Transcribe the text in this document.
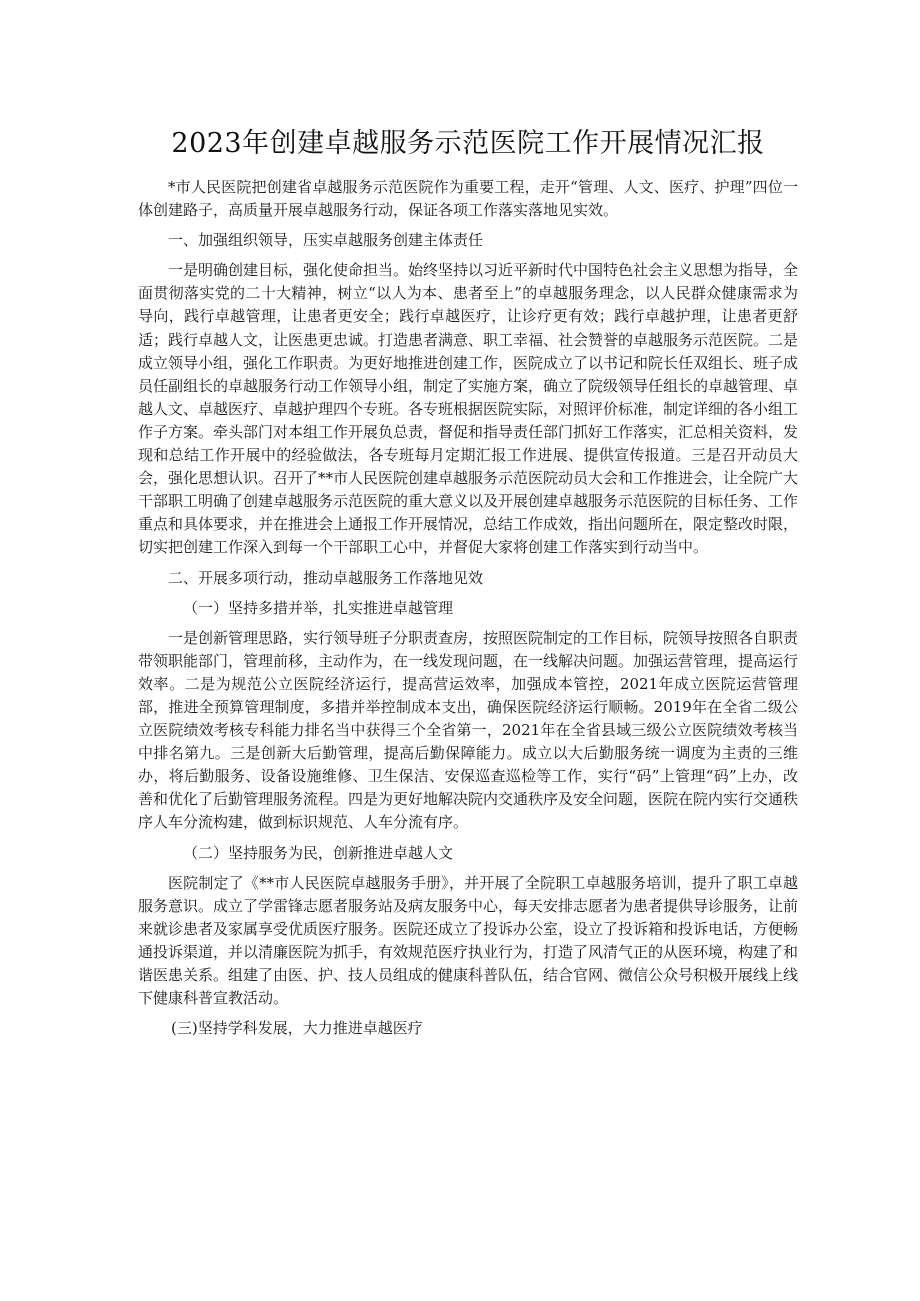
2023年创建卓越服务示范医院工作开展情况汇报

*市人民医院把创建省卓越服务示范医院作为重要工程，走开“管理、人文、医疗、护理”四位一体创建路子，高质量开展卓越服务行动，保证各项工作落实落地见实效。

一、加强组织领导，压实卓越服务创建主体责任

一是明确创建目标，强化使命担当。始终坚持以习近平新时代中国特色社会主义思想为指导，全面贯彻落实党的二十大精神，树立“以人为本、患者至上”的卓越服务理念，以人民群众健康需求为导向，践行卓越管理，让患者更安全；践行卓越医疗，让诊疗更有效；践行卓越护理，让患者更舒适；践行卓越人文，让医患更忠诚。打造患者满意、职工幸福、社会赞誉的卓越服务示范医院。二是成立领导小组，强化工作职责。为更好地推进创建工作，医院成立了以书记和院长任双组长、班子成员任副组长的卓越服务行动工作领导小组，制定了实施方案，确立了院级领导任组长的卓越管理、卓越人文、卓越医疗、卓越护理四个专班。各专班根据医院实际，对照评价标准，制定详细的各小组工作子方案。牵头部门对本组工作开展负总责，督促和指导责任部门抓好工作落实，汇总相关资料，发现和总结工作开展中的经验做法，各专班每月定期汇报工作进展、提供宣传报道。三是召开动员大会，强化思想认识。召开了**市人民医院创建卓越服务示范医院动员大会和工作推进会，让全院广大干部职工明确了创建卓越服务示范医院的重大意义以及开展创建卓越服务示范医院的目标任务、工作重点和具体要求，并在推进会上通报工作开展情况，总结工作成效，指出问题所在，限定整改时限，切实把创建工作深入到每一个干部职工心中，并督促大家将创建工作落实到行动当中。

二、开展多项行动，推动卓越服务工作落地见效

（一）坚持多措并举，扎实推进卓越管理

一是创新管理思路，实行领导班子分职责查房，按照医院制定的工作目标，院领导按照各自职责带领职能部门，管理前移，主动作为，在一线发现问题，在一线解决问题。加强运营管理，提高运行效率。二是为规范公立医院经济运行，提高营运效率，加强成本管控，2021年成立医院运营管理部，推进全预算管理制度，多措并举控制成本支出，确保医院经济运行顺畅。2019年在全省二级公立医院绩效考核专科能力排名当中获得三个全省第一，2021年在全省县域三级公立医院绩效考核当中排名第九。三是创新大后勤管理，提高后勤保障能力。成立以大后勤服务统一调度为主责的三维办，将后勤服务、设备设施维修、卫生保洁、安保巡查巡检等工作，实行“码”上管理“码”上办，改善和优化了后勤管理服务流程。四是为更好地解决院内交通秩序及安全问题，医院在院内实行交通秩序人车分流构建，做到标识规范、人车分流有序。

（二）坚持服务为民，创新推进卓越人文

医院制定了《**市人民医院卓越服务手册》，并开展了全院职工卓越服务培训，提升了职工卓越服务意识。成立了学雷锋志愿者服务站及病友服务中心，每天安排志愿者为患者提供导诊服务，让前来就诊患者及家属享受优质医疗服务。医院还成立了投诉办公室，设立了投诉箱和投诉电话，方便畅通投诉渠道，并以清廉医院为抓手，有效规范医疗执业行为，打造了风清气正的从医环境，构建了和谐医患关系。组建了由医、护、技人员组成的健康科普队伍，结合官网、微信公众号积极开展线上线下健康科普宣教活动。

(三)坚持学科发展，大力推进卓越医疗
